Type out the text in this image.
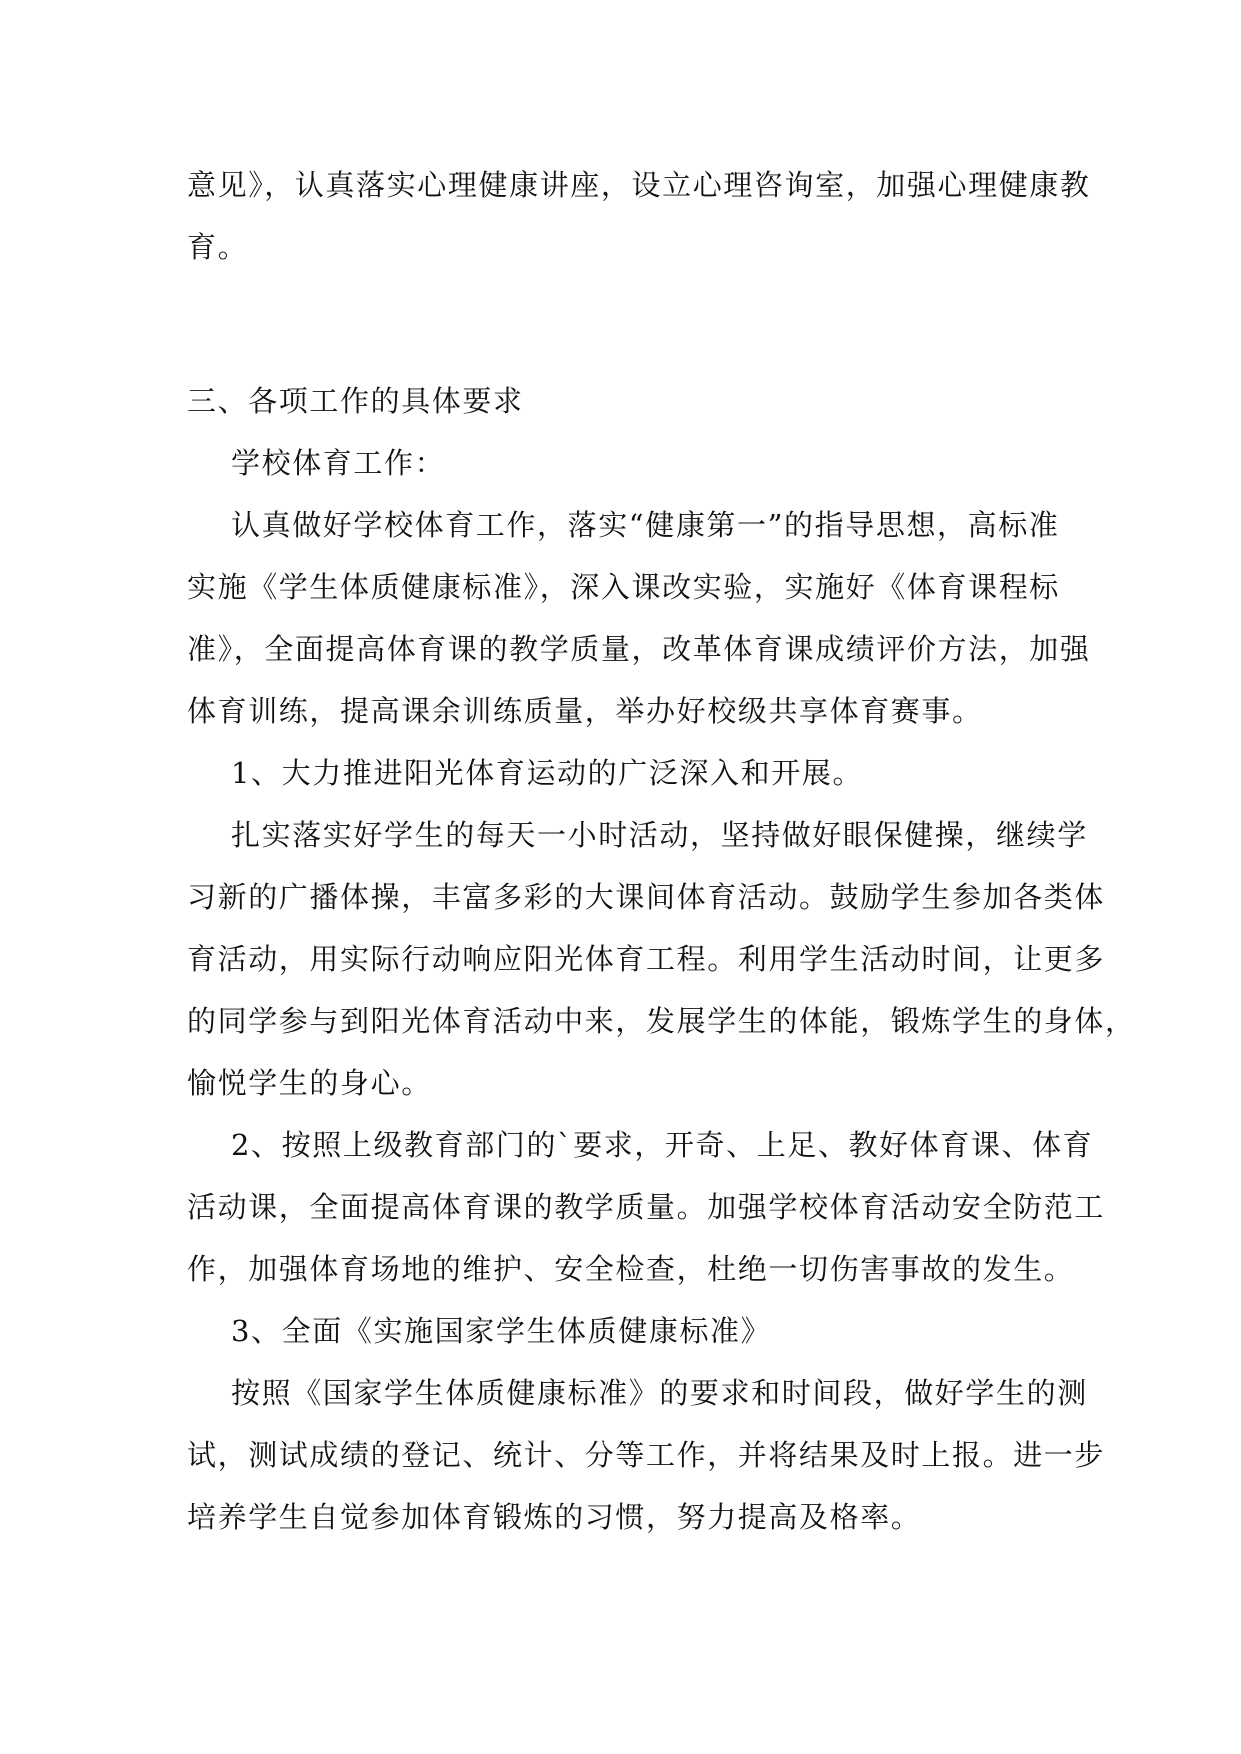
意见》，认真落实心理健康讲座，设立心理咨询室，加强心理健康教
育。
三、各项工作的具体要求
学校体育工作：
认真做好学校体育工作，落实“健康第一”的指导思想，高标准
实施《学生体质健康标准》，深入课改实验，实施好《体育课程标
准》，全面提高体育课的教学质量，改革体育课成绩评价方法，加强
体育训练，提高课余训练质量，举办好校级共享体育赛事。
1、大力推进阳光体育运动的广泛深入和开展。
扎实落实好学生的每天一小时活动，坚持做好眼保健操，继续学
习新的广播体操，丰富多彩的大课间体育活动。鼓励学生参加各类体
育活动，用实际行动响应阳光体育工程。利用学生活动时间，让更多
的同学参与到阳光体育活动中来，发展学生的体能，锻炼学生的身体，
愉悦学生的身心。
2、按照上级教育部门的`要求，开奇、上足、教好体育课、体育
活动课，全面提高体育课的教学质量。加强学校体育活动安全防范工
作，加强体育场地的维护、安全检查，杜绝一切伤害事故的发生。
3、全面《实施国家学生体质健康标准》
按照《国家学生体质健康标准》的要求和时间段，做好学生的测
试，测试成绩的登记、统计、分等工作，并将结果及时上报。进一步
培养学生自觉参加体育锻炼的习惯，努力提高及格率。
